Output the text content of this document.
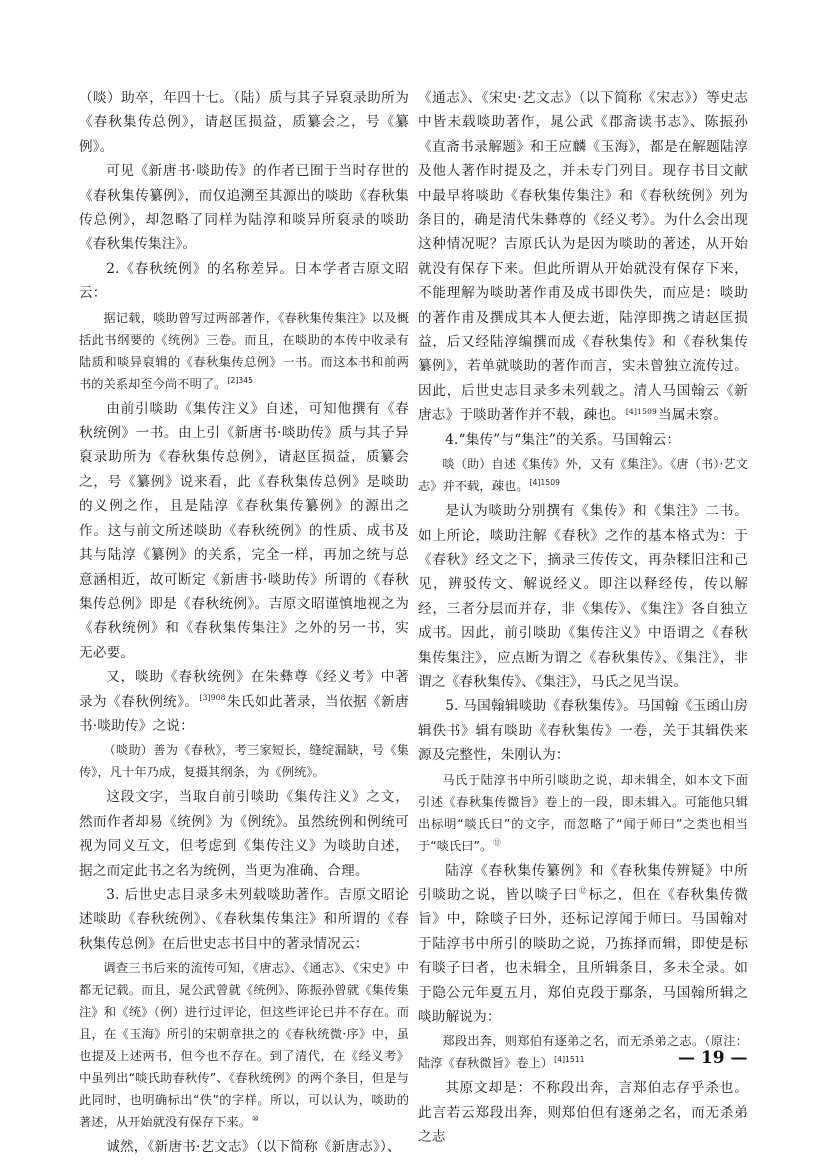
（啖）助卒，年四十七。（陆）质与其子异裒录助所为《春秋集传总例》，请赵匡损益，质纂会之，号《纂例》。

可见《新唐书·啖助传》的作者已囿于当时存世的《春秋集传纂例》，而仅追溯至其源出的啖助《春秋集传总例》，却忽略了同样为陆淳和啖异所裒录的啖助《春秋集传集注》。

2.《春秋统例》的名称差异。日本学者吉原文昭云：

据记载，啖助曾写过两部著作，《春秋集传集注》以及概括此书纲要的《统例》三卷。而且，在啖助的本传中收录有陆质和啖异裒辑的《春秋集传总例》一书。而这本书和前两书的关系却至今尚不明了。$^{[2]345}$

由前引啖助《集传注义》自述，可知他撰有《春秋统例》一书。由上引《新唐书·啖助传》质与其子异裒录助所为《春秋集传总例》，请赵匡损益，质纂会之，号《纂例》说来看，此《春秋集传总例》是啖助的义例之作，且是陆淳《春秋集传纂例》的源出之作。这与前文所述啖助《春秋统例》的性质、成书及其与陆淳《纂例》的关系，完全一样，再加之统与总意涵相近，故可断定《新唐书·啖助传》所谓的《春秋集传总例》即是《春秋统例》。吉原文昭谨慎地视之为《春秋统例》和《春秋集传集注》之外的另一书，实无必要。

又，啖助《春秋统例》在朱彝尊《经义考》中著录为《春秋例统》。$^{[3]908}$朱氏如此著录，当依据《新唐书·啖助传》之说：

（啖助）善为《春秋》，考三家短长，缝绽漏缺，号《集传》，凡十年乃成，复摄其纲条，为《例统》。

这段文字，当取自前引啖助《集传注义》之文，然而作者却易《统例》为《例统》。虽然统例和例统可视为同义互文，但考虑到《集传注义》为啖助自述，据之而定此书之名为统例，当更为准确、合理。

3. 后世史志目录多未列载啖助著作。吉原文昭论述啖助《春秋统例》、《春秋集传集注》和所谓的《春秋集传总例》在后世史志书目中的著录情况云：

调查三书后来的流传可知，《唐志》、《通志》、《宋史》中都无记载。而且，晁公武曾就《统例》、陈振孙曾就《集传集注》和《统》（例）进行过评论，但这些评论已并不存在。而且，在《玉海》所引的宋朝章拱之的《春秋统微·序》中，虽也提及上述两书，但今也不存在。到了清代，在《经义考》中虽列出“啖氏助春秋传”、《春秋统例》的两个条目，但是与此同时，也明确标出“佚”的字样。所以，可以认为，啖助的著述，从开始就没有保存下来。⑩

诚然，《新唐书·艺文志》（以下简称《新唐志》）、

《通志》、《宋史·艺文志》（以下简称《宋志》）等史志中皆未载啖助著作，晁公武《郡斋读书志》、陈振孙《直斋书录解题》和王应麟《玉海》，都是在解题陆淳及他人著作时提及之，并未专门列目。现存书目文献中最早将啖助《春秋集传集注》和《春秋统例》列为条目的，确是清代朱彝尊的《经义考》。为什么会出现这种情况呢？吉原氏认为是因为啖助的著述，从开始就没有保存下来。但此所谓从开始就没有保存下来，不能理解为啖助著作甫及成书即佚失，而应是：啖助的著作甫及撰成其本人便去逝，陆淳即携之请赵匡损益，后又经陆淳编撰而成《春秋集传》和《春秋集传纂例》，若单就啖助的著作而言，实未曾独立流传过。因此，后世史志目录多未列载之。清人马国翰云《新唐志》于啖助著作并不载，疎也。$^{[4]1509}$当属未察。

4.“集传”与“集注”的关系。马国翰云：

啖（助）自述《集传》外，又有《集注》。《唐（书）·艺文志》并不载，疎也。$^{[4]1509}$

是认为啖助分别撰有《集传》和《集注》二书。如上所论，啖助注解《春秋》之作的基本格式为：于《春秋》经文之下，摘录三传传文，再杂糅旧注和己见，辨驳传文、解说经义。即注以释经传，传以解经，三者分层而并存，非《集传》、《集注》各自独立成书。因此，前引啖助《集传注义》中语谓之《春秋集传集注》，应点断为谓之《春秋集传》、《集注》，非谓之《春秋集传》、《集注》，马氏之见当误。

5. 马国翰辑啖助《春秋集传》。马国翰《玉函山房辑佚书》辑有啖助《春秋集传》一卷，关于其辑佚来源及完整性，朱刚认为：

马氏于陆淳书中所引啖助之说，却未辑全，如本文下面引述《春秋集传微旨》卷上的一段，即未辑入。可能他只辑出标明“啖氏曰”的文字，而忽略了“闻于师曰”之类也相当于“啖氏曰”。⑪

陆淳《春秋集传纂例》和《春秋集传辨疑》中所引啖助之说，皆以啖子曰⑫标之，但在《春秋集传微旨》中，除啖子曰外，还标记淳闻于师曰。马国翰对于陆淳书中所引的啖助之说，乃拣择而辑，即使是标有啖子曰者，也未辑全，且所辑条目，多未全录。如于隐公元年夏五月，郑伯克段于鄢条，马国翰所辑之啖助解说为：

郑段出奔，则郑伯有逐弟之名，而无杀弟之志。（原注：陆淳《春秋微旨》卷上）$^{[4]1511}$

其原文却是：不称段出奔，言郑伯志存乎杀也。此言若云郑段出奔，则郑伯但有逐弟之名，而无杀弟之志

— 19 —
